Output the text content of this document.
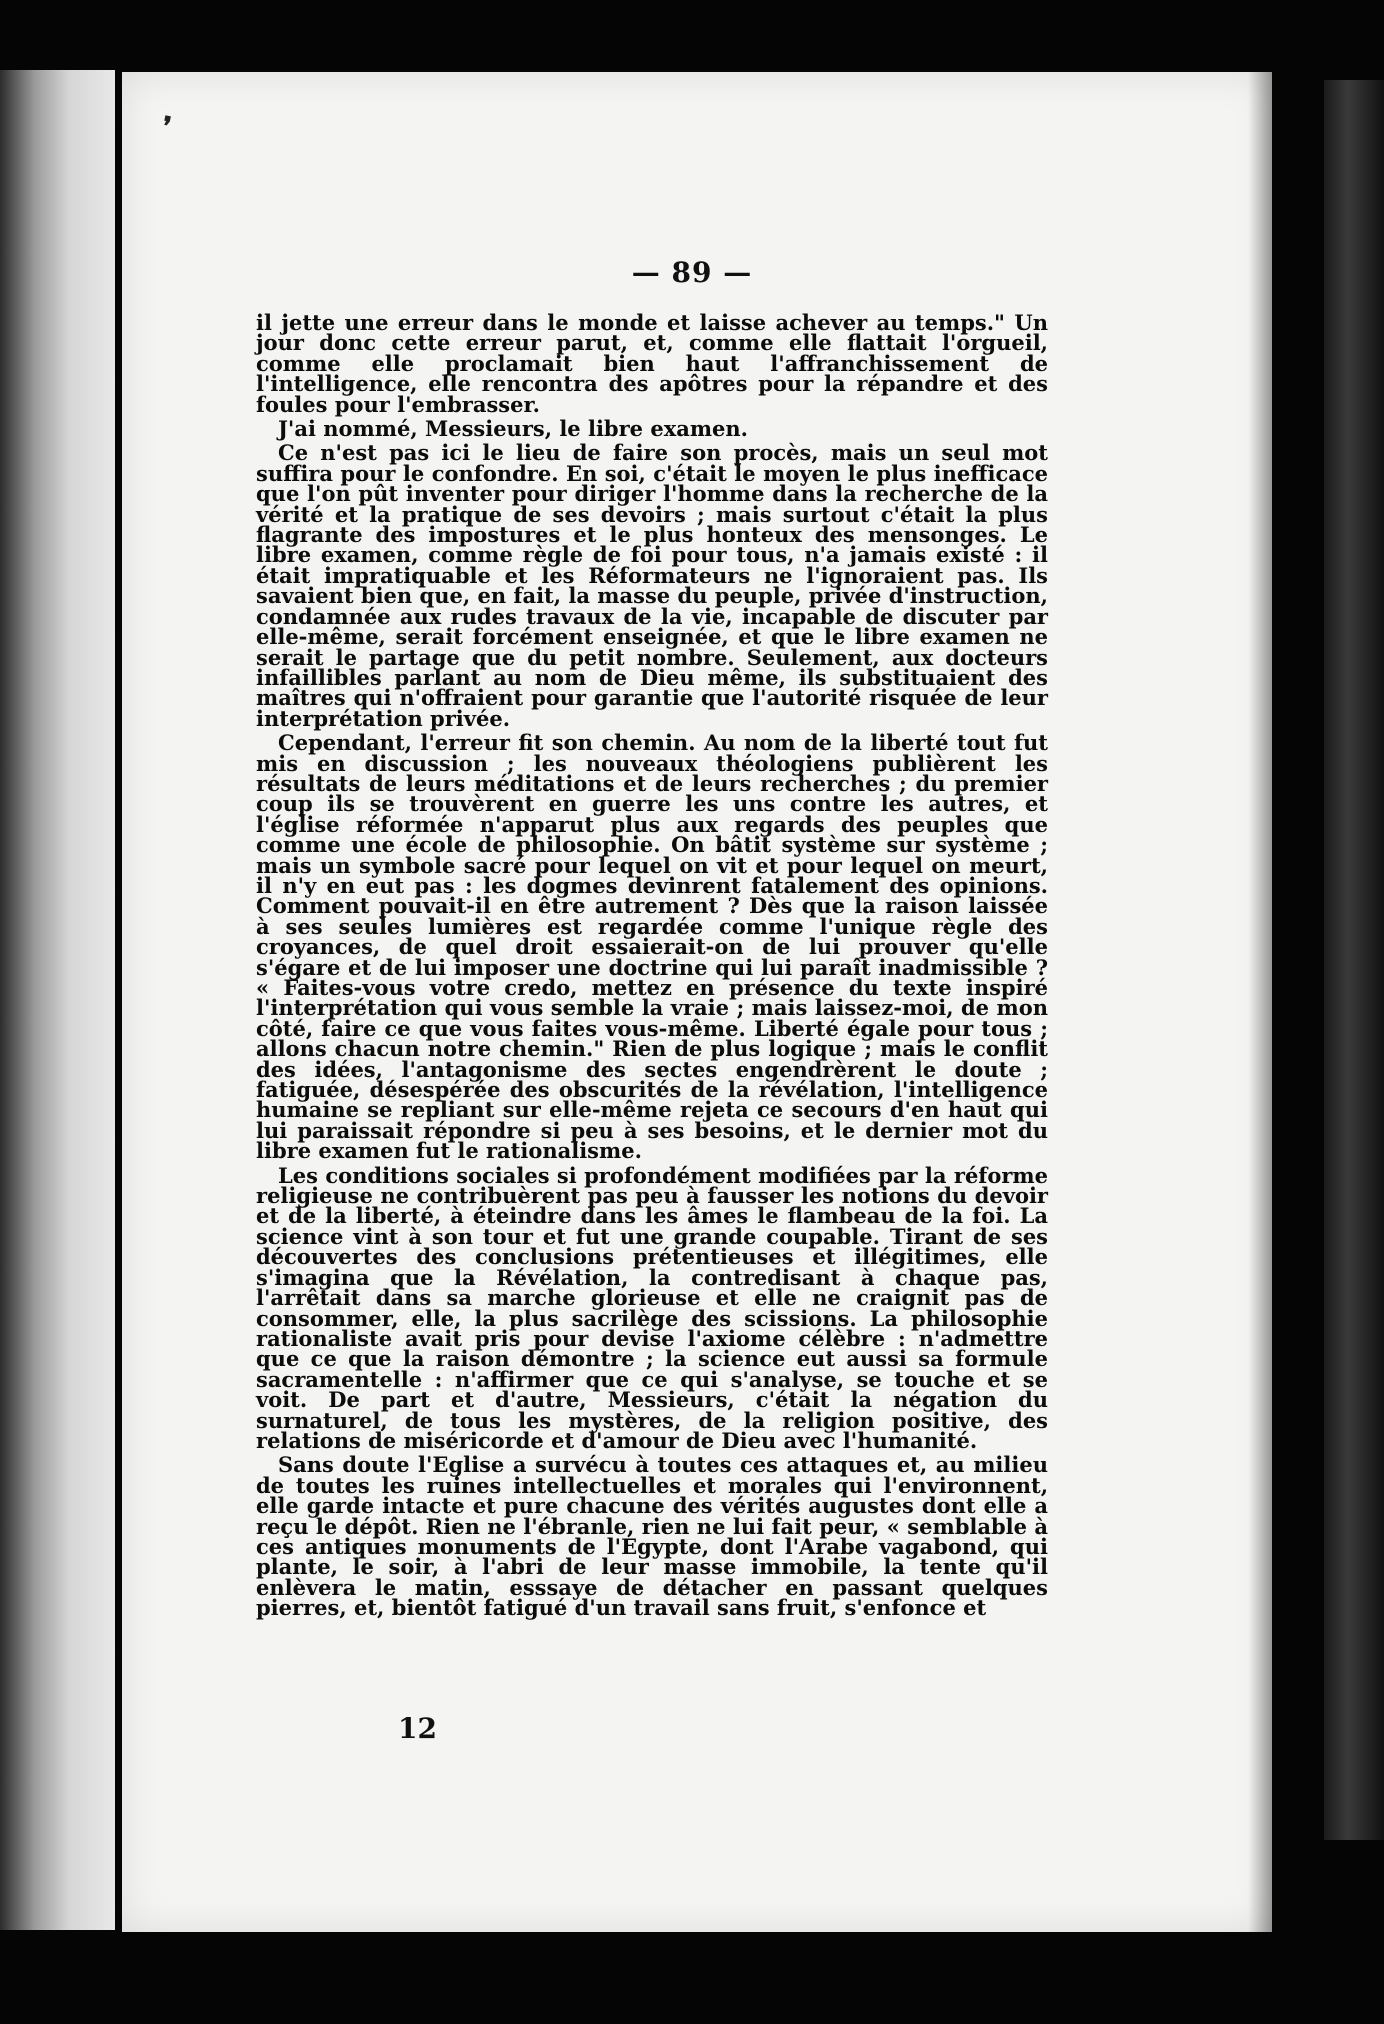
❜
— 89 —

il jette une erreur dans le monde et laisse achever au temps." Un jour donc cette erreur parut, et, comme elle flattait l'orgueil, comme elle proclamait bien haut l'affranchissement de l'intelligence, elle rencontra des apôtres pour la répandre et des foules pour l'embrasser.

J'ai nommé, Messieurs, le libre examen.

Ce n'est pas ici le lieu de faire son procès, mais un seul mot suffira pour le confondre. En soi, c'était le moyen le plus inefficace que l'on pût inventer pour diriger l'homme dans la recherche de la vérité et la pratique de ses devoirs ; mais surtout c'était la plus flagrante des impostures et le plus honteux des mensonges. Le libre examen, comme règle de foi pour tous, n'a jamais existé : il était impratiquable et les Réformateurs ne l'ignoraient pas. Ils savaient bien que, en fait, la masse du peuple, privée d'instruction, condamnée aux rudes travaux de la vie, incapable de discuter par elle-même, serait forcément enseignée, et que le libre examen ne serait le partage que du petit nombre. Seulement, aux docteurs infaillibles parlant au nom de Dieu même, ils substituaient des maîtres qui n'offraient pour garantie que l'autorité risquée de leur interprétation privée.

Cependant, l'erreur fit son chemin. Au nom de la liberté tout fut mis en discussion ; les nouveaux théologiens publièrent les résultats de leurs méditations et de leurs recherches ; du premier coup ils se trouvèrent en guerre les uns contre les autres, et l'église réformée n'apparut plus aux regards des peuples que comme une école de philosophie. On bâtit système sur système ; mais un symbole sacré pour lequel on vit et pour lequel on meurt, il n'y en eut pas : les dogmes devinrent fatalement des opinions. Comment pouvait-il en être autrement ? Dès que la raison laissée à ses seules lumières est regardée comme l'unique règle des croyances, de quel droit essaierait-on de lui prouver qu'elle s'égare et de lui imposer une doctrine qui lui paraît inadmissible ? « Faites-vous votre credo, mettez en présence du texte inspiré l'interprétation qui vous semble la vraie ; mais laissez-moi, de mon côté, faire ce que vous faites vous-même. Liberté égale pour tous ; allons chacun notre chemin." Rien de plus logique ; mais le conflit des idées, l'antagonisme des sectes engendrèrent le doute ; fatiguée, désespérée des obscurités de la révélation, l'intelligence humaine se repliant sur elle-même rejeta ce secours d'en haut qui lui paraissait répondre si peu à ses besoins, et le dernier mot du libre examen fut le rationalisme.

Les conditions sociales si profondément modifiées par la réforme religieuse ne contribuèrent pas peu à fausser les notions du devoir et de la liberté, à éteindre dans les âmes le flambeau de la foi. La science vint à son tour et fut une grande coupable. Tirant de ses découvertes des conclusions prétentieuses et illégitimes, elle s'imagina que la Révélation, la contredisant à chaque pas, l'arrêtait dans sa marche glorieuse et elle ne craignit pas de consommer, elle, la plus sacrilège des scissions. La philosophie rationaliste avait pris pour devise l'axiome célèbre : n'admettre que ce que la raison démontre ; la science eut aussi sa formule sacramentelle : n'affirmer que ce qui s'analyse, se touche et se voit. De part et d'autre, Messieurs, c'était la négation du surnaturel, de tous les mystères, de la religion positive, des relations de miséricorde et d'amour de Dieu avec l'humanité.

Sans doute l'Eglise a survécu à toutes ces attaques et, au milieu de toutes les ruines intellectuelles et morales qui l'environnent, elle garde intacte et pure chacune des vérités augustes dont elle a reçu le dépôt. Rien ne l'ébranle, rien ne lui fait peur, « semblable à ces antiques monuments de l'Egypte, dont l'Arabe vagabond, qui plante, le soir, à l'abri de leur masse immobile, la tente qu'il enlèvera le matin, esssaye de détacher en passant quelques pierres, et, bientôt fatigué d'un travail sans fruit, s'enfonce et

12
